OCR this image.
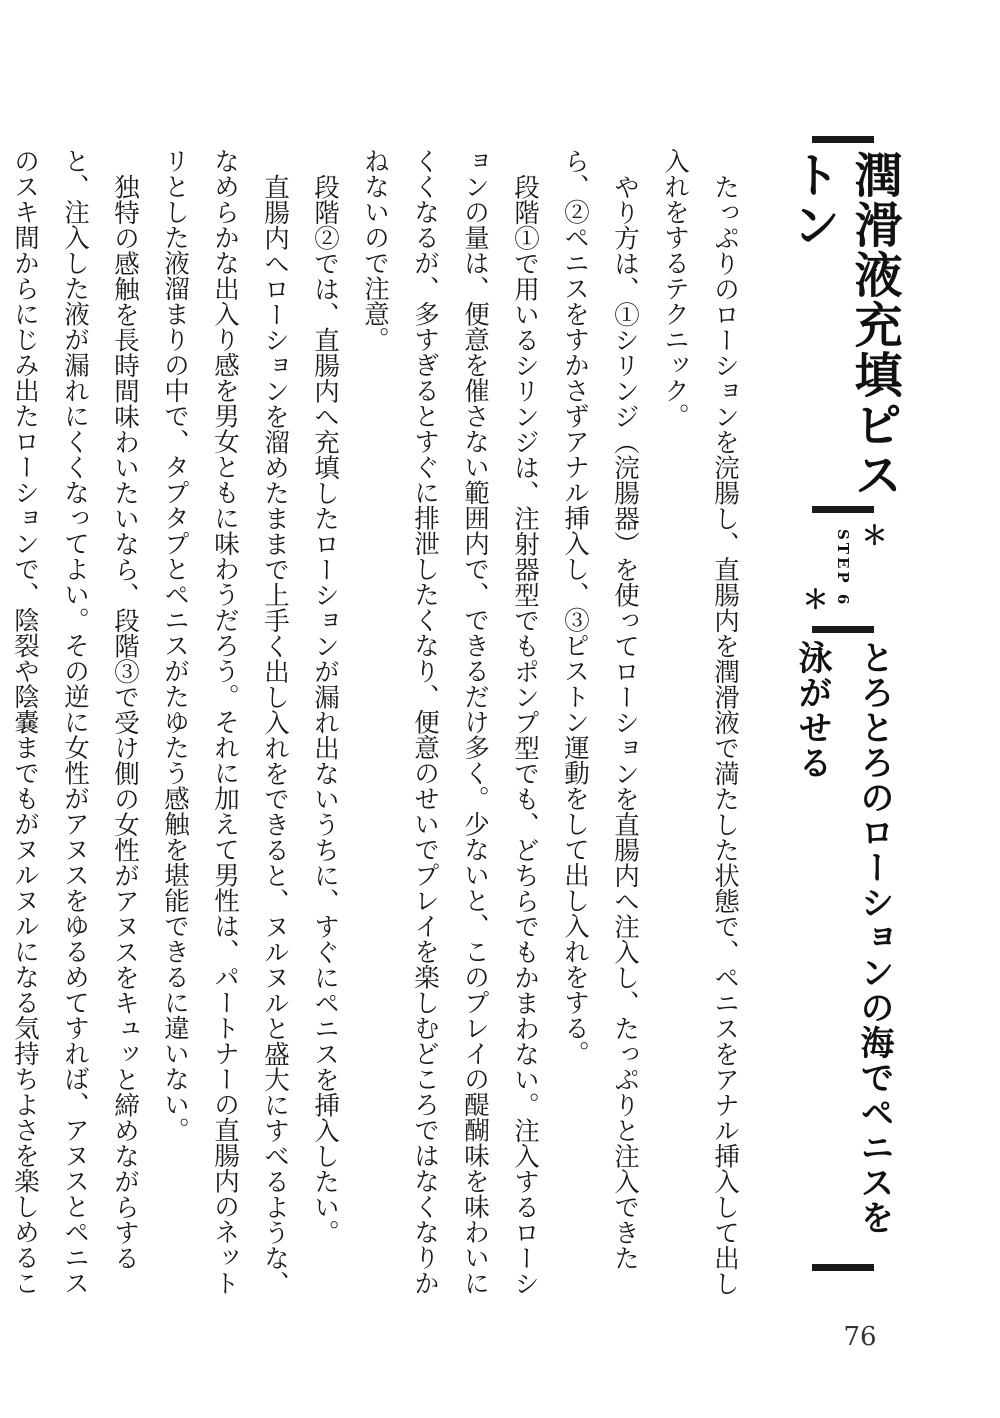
潤滑液充填ピストン
＊
STEP 6
＊
とろとろのローションの海でペニスを泳がせる

たっぷりのローションを浣腸し、直腸内を潤滑液で満たした状態で、ペニスをアナル挿入して出し入れをするテクニック。

やり方は、①シリンジ（浣腸器）を使ってローションを直腸内へ注入し、たっぷりと注入できたら、②ペニスをすかさずアナル挿入し、③ピストン運動をして出し入れをする。

段階①で用いるシリンジは、注射器型でもポンプ型でも、どちらでもかまわない。注入するローションの量は、便意を催さない範囲内で、できるだけ多く。少ないと、このプレイの醍醐味を味わいにくくなるが、多すぎるとすぐに排泄したくなり、便意のせいでプレイを楽しむどころではなくなりかねないので注意。

段階②では、直腸内へ充填したローションが漏れ出ないうちに、すぐにペニスを挿入したい。

直腸内へローションを溜めたままで上手く出し入れをできると、ヌルヌルと盛大にすべるような、なめらかな出入り感を男女ともに味わうだろう。それに加えて男性は、パートナーの直腸内のネットリとした液溜まりの中で、タプタプとペニスがたゆたう感触を堪能できるに違いない。

独特の感触を長時間味わいたいなら、段階③で受け側の女性がアヌスをキュッと締めながらすると、注入した液が漏れにくくなってよい。その逆に女性がアヌスをゆるめてすれば、アヌスとペニスのスキ間からにじみ出たローションで、陰裂や陰嚢までもがヌルヌルになる気持ちよさを楽しめるこ

76
